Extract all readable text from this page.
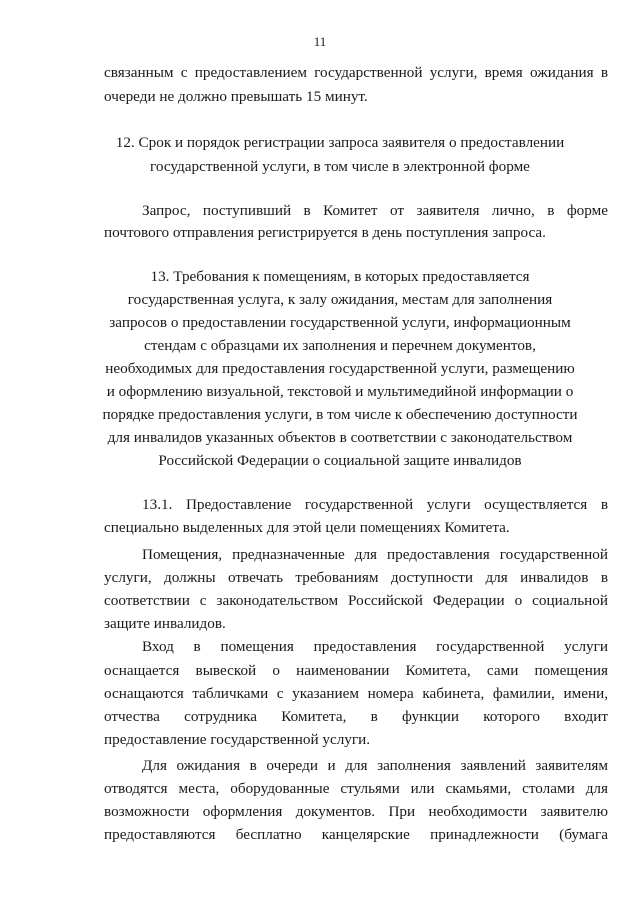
11
связанным с предоставлением государственной услуги, время ожидания в
очереди не должно превышать 15 минут.
12. Срок и порядок регистрации запроса заявителя о предоставлении
государственной услуги, в том числе в электронной форме
Запрос, поступивший в Комитет от заявителя лично, в форме
почтового отправления регистрируется в день поступления запроса.
13. Требования к помещениям, в которых предоставляется
государственная услуга, к залу ожидания, местам для заполнения
запросов о предоставлении государственной услуги, информационным
стендам с образцами их заполнения и перечнем документов,
необходимых для предоставления государственной услуги, размещению
и оформлению визуальной, текстовой и мультимедийной информации о
порядке предоставления услуги, в том числе к обеспечению доступности
для инвалидов указанных объектов в соответствии с законодательством
Российской Федерации о социальной защите инвалидов
13.1. Предоставление государственной услуги осуществляется в
специально выделенных для этой цели помещениях Комитета.
Помещения, предназначенные для предоставления государственной
услуги, должны отвечать требованиям доступности для инвалидов в
соответствии с законодательством Российской Федерации о социальной
защите инвалидов.
Вход в помещения предоставления государственной услуги
оснащается вывеской о наименовании Комитета, сами помещения
оснащаются табличками с указанием номера кабинета, фамилии, имени,
отчества сотрудника Комитета, в функции которого входит
предоставление государственной услуги.
Для ожидания в очереди и для заполнения заявлений заявителям
отводятся места, оборудованные стульями или скамьями, столами для
возможности оформления документов. При необходимости заявителю
предоставляются бесплатно канцелярские принадлежности (бумага
